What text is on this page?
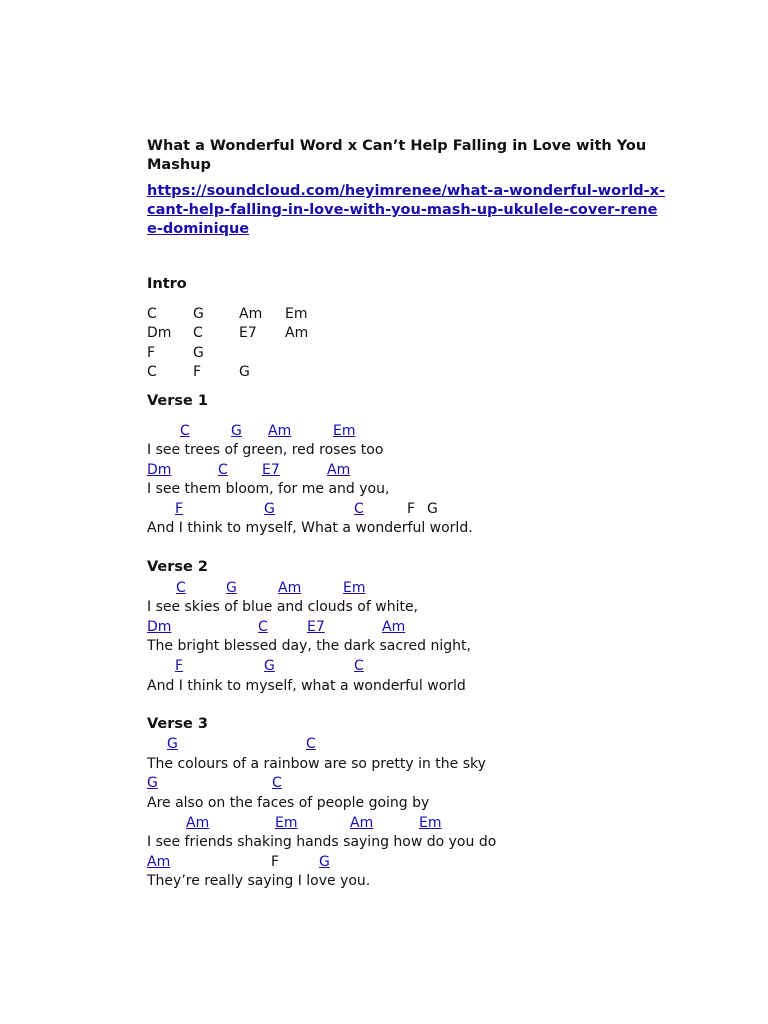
What a Wonderful Word x Can’t Help Falling in Love with You Mashup
https://soundcloud.com/heyimrenee/what-a-wonderful-world-x-cant-help-falling-in-love-with-you-mash-up-ukulele-cover-renee-dominique
Intro
C	G	Am Em
Dm C	E7 Am
F	G
C	F	G
Verse 1
C	G Am	Em
I see trees of green, red roses too
Dm	C E7	Am
I see them bloom, for me and you,
F	G	C	F G
And I think to myself, What a wonderful world.
Verse 2
C	G	Am	Em
I see skies of blue and clouds of white,
Dm	C	E7	Am
The bright blessed day, the dark sacred night,
F	G	C
And I think to myself, what a wonderful world
Verse 3
G	C
The colours of a rainbow are so pretty in the sky
G	C
Are also on the faces of people going by
Am	Em	Am	Em
I see friends shaking hands saying how do you do
Am	F	G
They’re really saying I love you.
